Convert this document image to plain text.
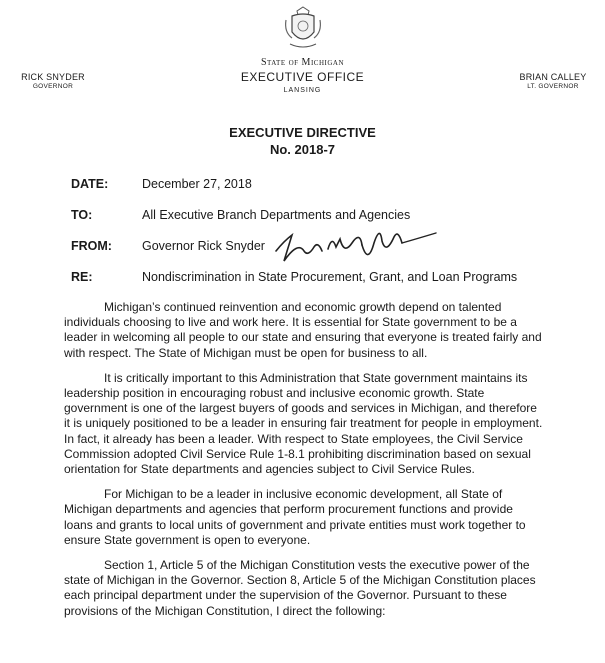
State of Michigan
EXECUTIVE OFFICE
LANSING
RICK SNYDER
GOVERNOR
BRIAN CALLEY
LT. GOVERNOR
EXECUTIVE DIRECTIVE
No. 2018-7
DATE:	December 27, 2018
TO:	All Executive Branch Departments and Agencies
FROM: Governor Rick Snyder
RE:	Nondiscrimination in State Procurement, Grant, and Loan Programs

Michigan’s continued reinvention and economic growth depend on talented individuals choosing to live and work here. It is essential for State government to be a leader in welcoming all people to our state and ensuring that everyone is treated fairly and with respect. The State of Michigan must be open for business to all.

It is critically important to this Administration that State government maintains its leadership position in encouraging robust and inclusive economic growth. State government is one of the largest buyers of goods and services in Michigan, and therefore it is uniquely positioned to be a leader in ensuring fair treatment for people in employment. In fact, it already has been a leader. With respect to State employees, the Civil Service Commission adopted Civil Service Rule 1-8.1 prohibiting discrimination based on sexual orientation for State departments and agencies subject to Civil Service Rules.

For Michigan to be a leader in inclusive economic development, all State of Michigan departments and agencies that perform procurement functions and provide loans and grants to local units of government and private entities must work together to ensure State government is open to everyone.

Section 1, Article 5 of the Michigan Constitution vests the executive power of the state of Michigan in the Governor. Section 8, Article 5 of the Michigan Constitution places each principal department under the supervision of the Governor. Pursuant to these provisions of the Michigan Constitution, I direct the following:
